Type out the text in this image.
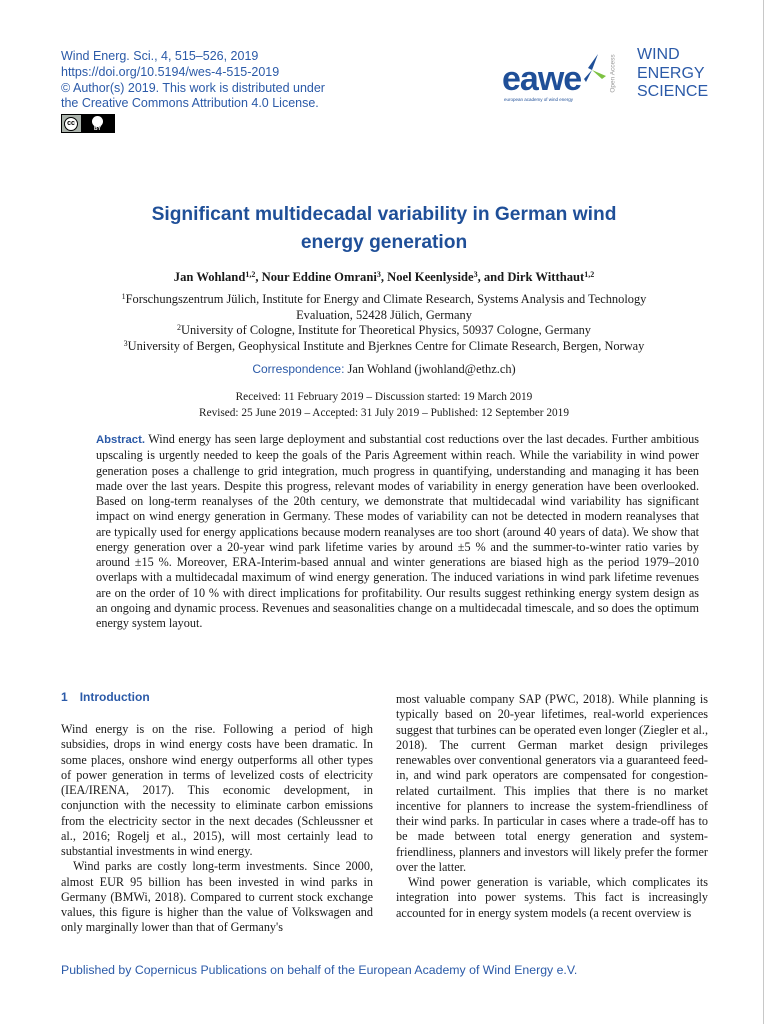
Wind Energ. Sci., 4, 515–526, 2019
https://doi.org/10.5194/wes-4-515-2019
© Author(s) 2019. This work is distributed under
the Creative Commons Attribution 4.0 License.
cc
BY
eawe
european academy of wind energy
Open Access WIND
ENERGY
SCIENCE
Significant multidecadal variability in German wind
energy generation
Jan Wohland$^{1,2}$, Nour Eddine Omrani$^3$, Noel Keenlyside$^3$, and Dirk Witthaut$^{1,2}$
$^1$Forschungszentrum Jülich, Institute for Energy and Climate Research, Systems Analysis and Technology
Evaluation, 52428 Jülich, Germany
$^2$University of Cologne, Institute for Theoretical Physics, 50937 Cologne, Germany
$^3$University of Bergen, Geophysical Institute and Bjerknes Centre for Climate Research, Bergen, Norway
Correspondence: Jan Wohland (jwohland@ethz.ch)
Received: 11 February 2019 – Discussion started: 19 March 2019
Revised: 25 June 2019 – Accepted: 31 July 2019 – Published: 12 September 2019
Abstract. Wind energy has seen large deployment and substantial cost reductions over the last decades. Further ambitious upscaling is urgently needed to keep the goals of the Paris Agreement within reach. While the variability in wind power generation poses a challenge to grid integration, much progress in quantifying, understanding and managing it has been made over the last years. Despite this progress, relevant modes of variability in energy generation have been overlooked. Based on long-term reanalyses of the 20th century, we demonstrate that multidecadal wind variability has significant impact on wind energy generation in Germany. These modes of variability can not be detected in modern reanalyses that are typically used for energy applications because modern reanalyses are too short (around 40 years of data). We show that energy generation over a 20-year wind park lifetime varies by around ±5 % and the summer-to-winter ratio varies by around ±15 %. Moreover, ERA-Interim-based annual and winter generations are biased high as the period 1979–2010 overlaps with a multidecadal maximum of wind energy generation. The induced variations in wind park lifetime revenues are on the order of 10 % with direct implications for profitability. Our results suggest rethinking energy system design as an ongoing and dynamic process. Revenues and seasonalities change on a multidecadal timescale, and so does the optimum energy system layout.
1 Introduction

Wind energy is on the rise. Following a period of high subsidies, drops in wind energy costs have been dramatic. In some places, onshore wind energy outperforms all other types of power generation in terms of levelized costs of electricity (IEA/IRENA, 2017). This economic development, in conjunction with the necessity to eliminate carbon emissions from the electricity sector in the next decades (Schleussner et al., 2016; Rogelj et al., 2015), will most certainly lead to substantial investments in wind energy.

Wind parks are costly long-term investments. Since 2000, almost EUR 95 billion has been invested in wind parks in Germany (BMWi, 2018). Compared to current stock exchange values, this figure is higher than the value of Volkswagen and only marginally lower than that of Germany's

most valuable company SAP (PWC, 2018). While planning is typically based on 20-year lifetimes, real-world experiences suggest that turbines can be operated even longer (Ziegler et al., 2018). The current German market design privileges renewables over conventional generators via a guaranteed feed-in, and wind park operators are compensated for congestion-related curtailment. This implies that there is no market incentive for planners to increase the system-friendliness of their wind parks. In particular in cases where a trade-off has to be made between total energy generation and system-friendliness, planners and investors will likely prefer the former over the latter.

Wind power generation is variable, which complicates its integration into power systems. This fact is increasingly accounted for in energy system models (a recent overview is

Published by Copernicus Publications on behalf of the European Academy of Wind Energy e.V.
